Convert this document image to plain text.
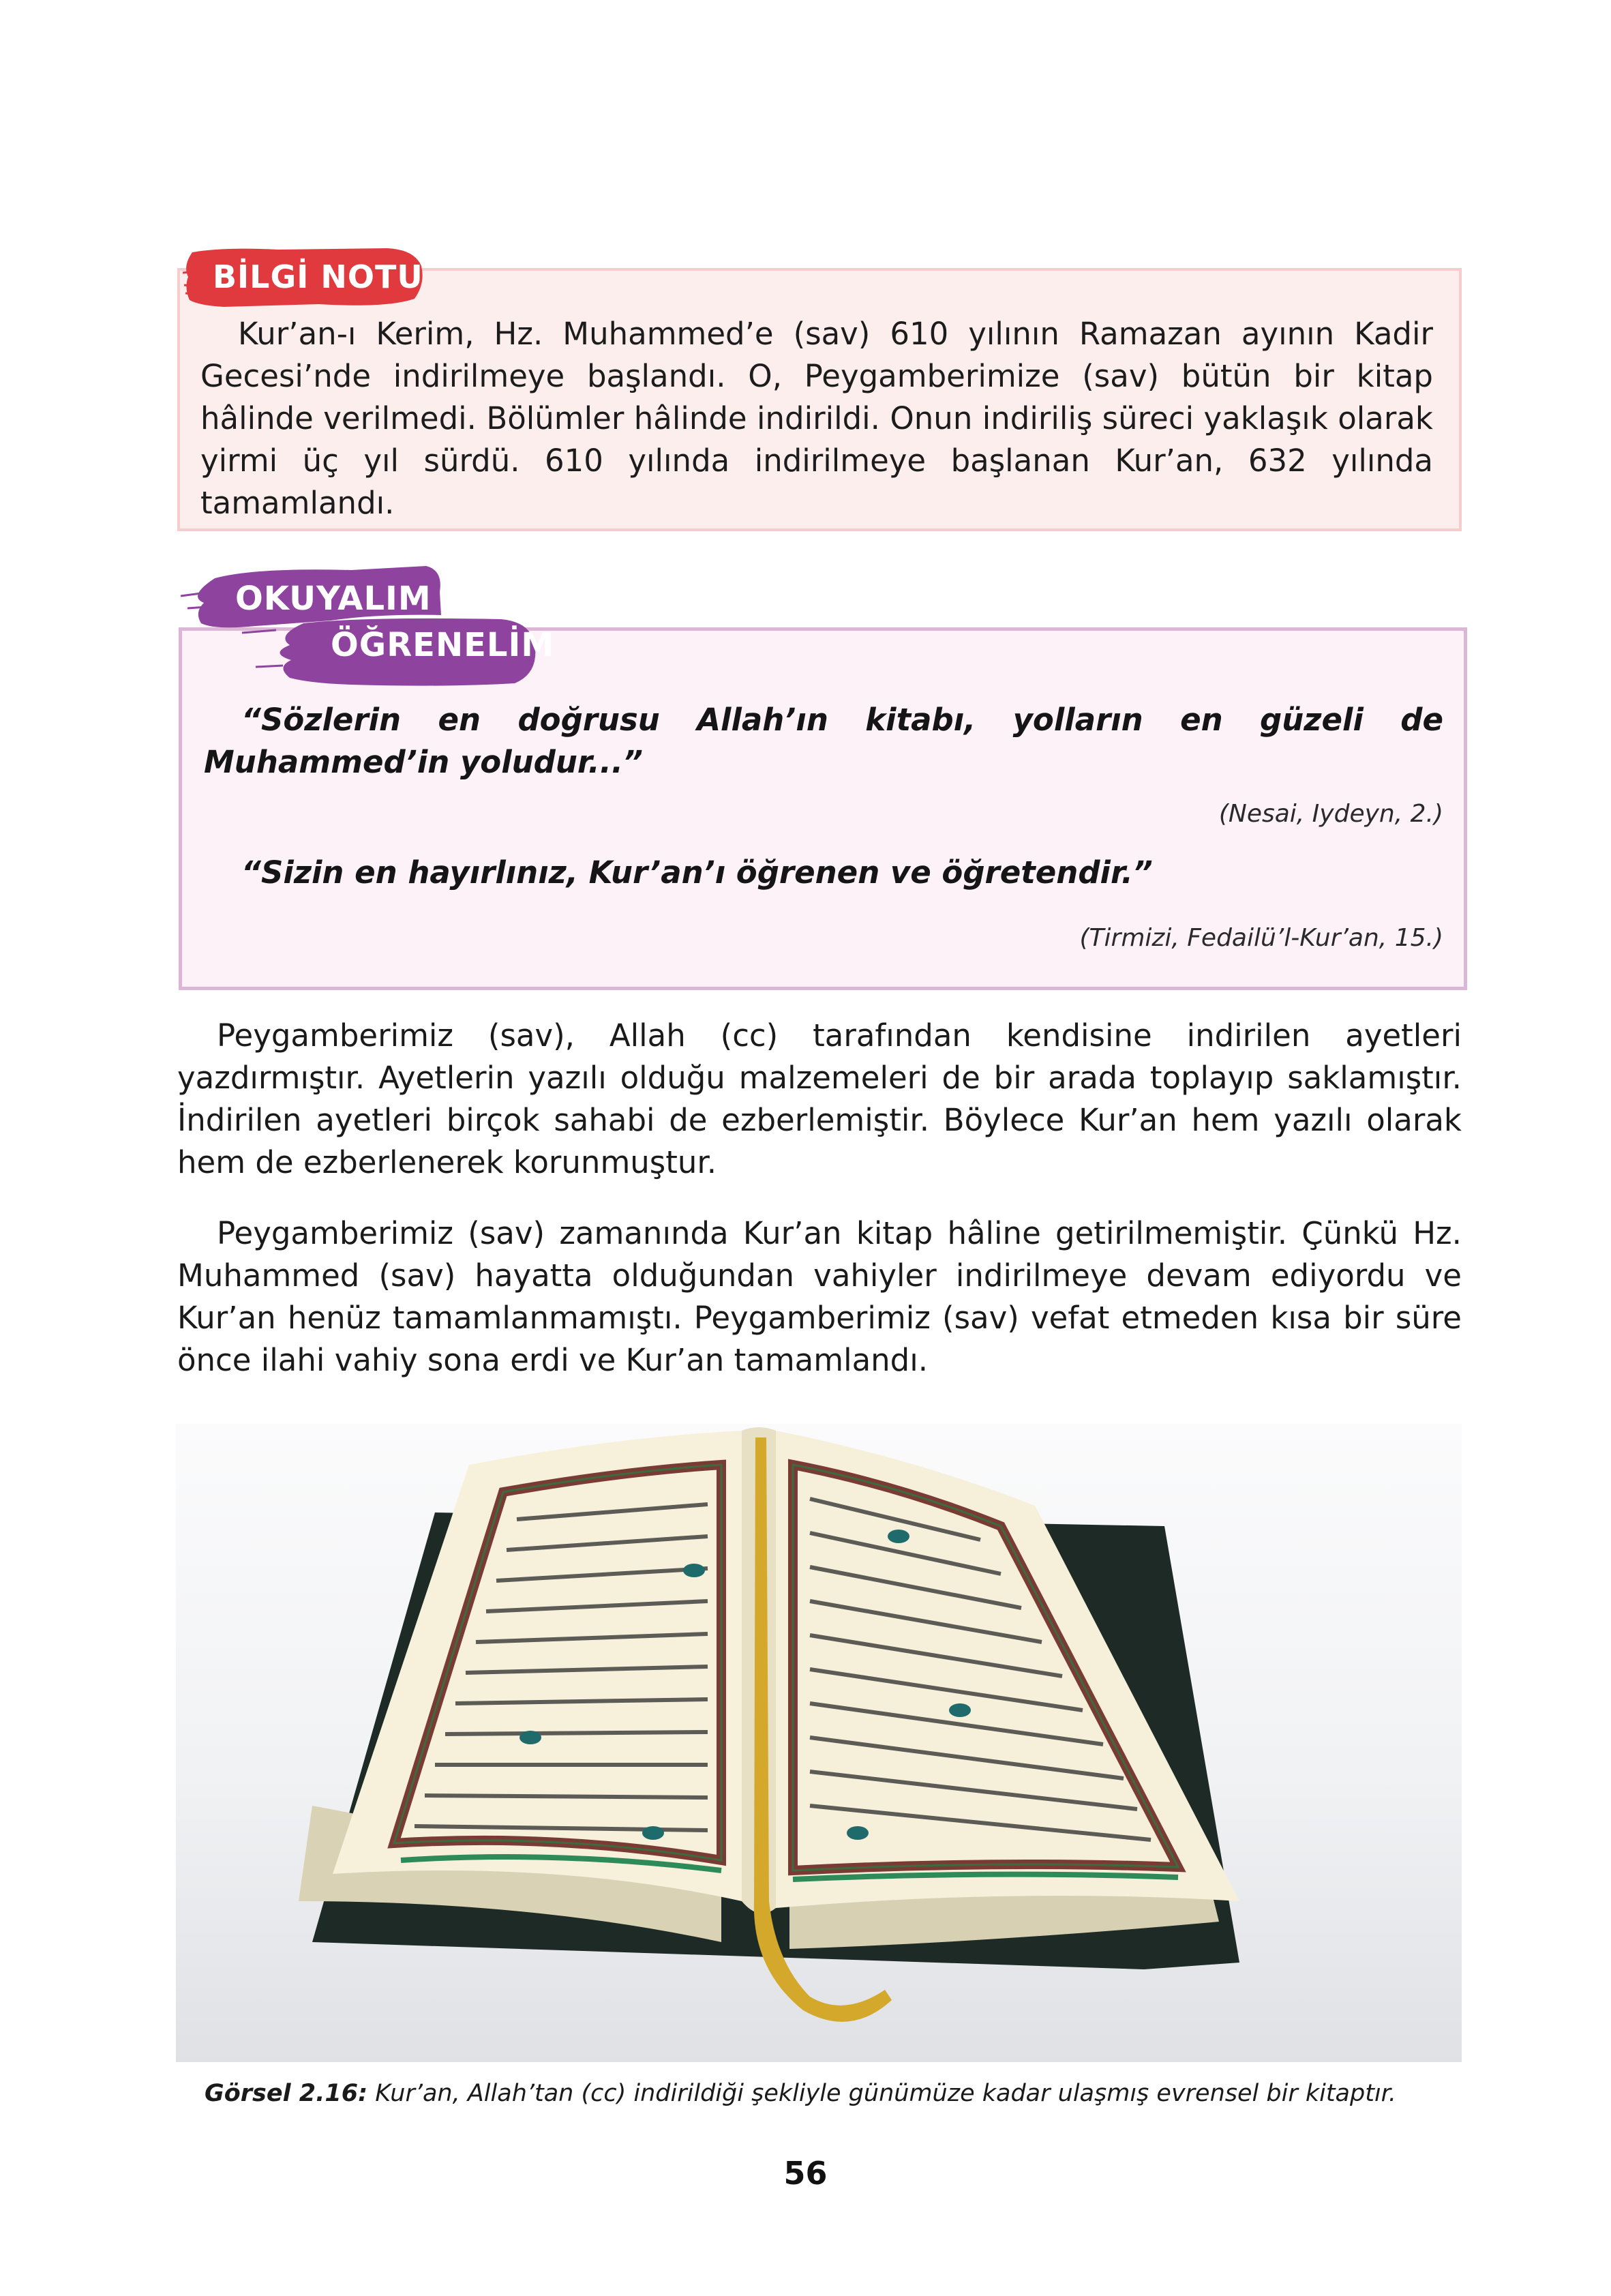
Kur’an-ı Kerim, Hz. Muhammed’e (sav) 610 yılının Ramazan ayının Kadir Gecesi’nde indirilmeye başlandı. O, Peygamberimize (sav) bütün bir kitap hâlinde verilmedi. Bölümler hâlinde indirildi. Onun indiriliş süreci yaklaşık olarak yirmi üç yıl sürdü. 610 yılında indirilmeye başlanan Kur’an, 632 yılında tamamlandı.
BİLGİ NOTU
“Sözlerin en doğrusu Allah’ın kitabı, yolların en güzeli de Muhammed’in yoludur...”
(Nesai, Iydeyn, 2.)
“Sizin en hayırlınız, Kur’an’ı öğrenen ve öğretendir.”
(Tirmizi, Fedailü’l-Kur’an, 15.)
OKUYALIM
ÖĞRENELİM
Peygamberimiz (sav), Allah (cc) tarafından kendisine indirilen ayetleri yazdırmıştır. Ayetlerin yazılı olduğu malzemeleri de bir arada toplayıp saklamıştır. İndirilen ayetleri birçok sahabi de ezberlemiştir. Böylece Kur’an hem yazılı olarak hem de ezberlenerek korunmuştur.
Peygamberimiz (sav) zamanında Kur’an kitap hâline getirilmemiştir. Çünkü Hz. Muhammed (sav) hayatta olduğundan vahiyler indirilmeye devam ediyordu ve Kur’an henüz tamamlanmamıştı. Peygamberimiz (sav) vefat etmeden kısa bir süre önce ilahi vahiy sona erdi ve Kur’an tamamlandı.
Görsel 2.16: Kur’an, Allah’tan (cc) indirildiği şekliyle günümüze kadar ulaşmış evrensel bir kitaptır.
56
